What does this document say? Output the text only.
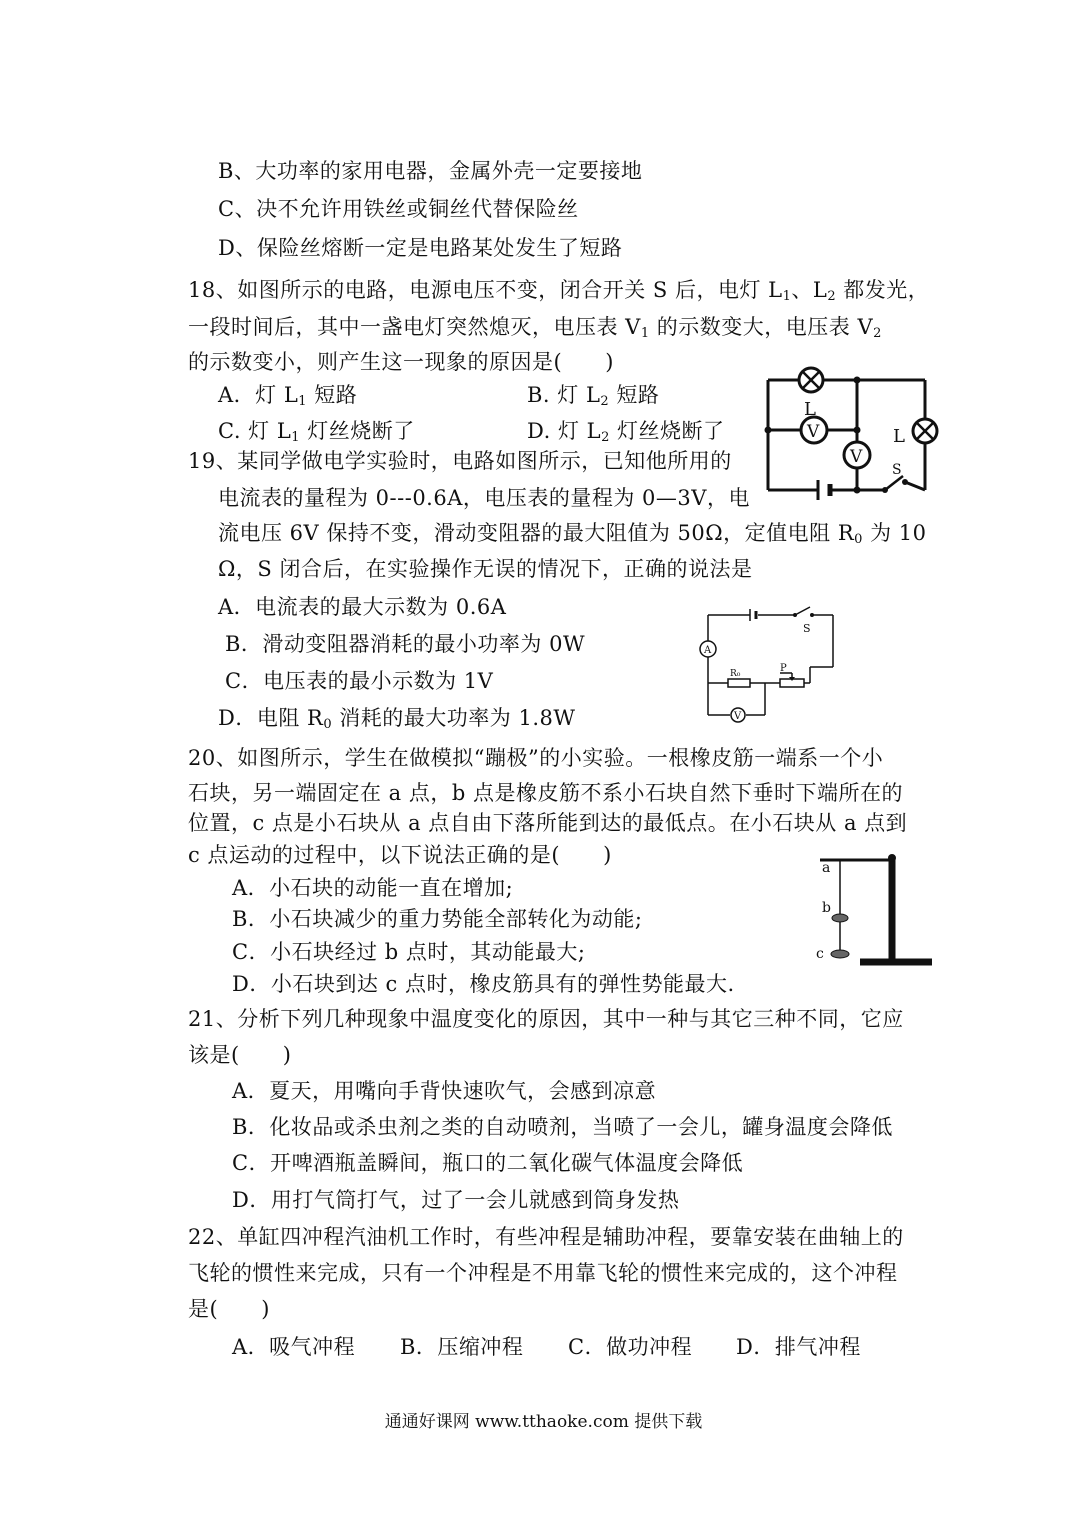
B、大功率的家用电器，金属外壳一定要接地
C、决不允许用铁丝或铜丝代替保险丝
D、保险丝熔断一定是电路某处发生了短路
18、如图所示的电路，电源电压不变，闭合开关 S 后，电灯 $L_1$、$L_2$ 都发光，
一段时间后，其中一盏电灯突然熄灭，电压表 $V_1$ 的示数变大，电压表 $V_2$
的示数变小，则产生这一现象的原因是(　　)
A．灯 $L_1$ 短路	B. 灯 $L_2$ 短路
C. 灯 $L_1$ 灯丝烧断了	D. 灯 $L_2$ 灯丝烧断了	V
V
L
L
S
19、某同学做电学实验时，电路如图所示，已知他所用的
电流表的量程为 0---0.6A，电压表的量程为 0—3V，电
流电压 6V 保持不变，滑动变阻器的最大阻值为 50Ω，定值电阻 $R_0$ 为 10
Ω，S 闭合后，在实验操作无误的情况下，正确的说法是
A．电流表的最大示数为 0.6A
B．滑动变阻器消耗的最小功率为 0W
C．电压表的最小示数为 1V
D．电阻 $R_0$ 消耗的最大功率为 1.8W
A
V
S
R₀	P
20、如图所示，学生在做模拟“蹦极”的小实验。一根橡皮筋一端系一个小
石块，另一端固定在 a 点，b 点是橡皮筋不系小石块自然下垂时下端所在的
位置，c 点是小石块从 a 点自由下落所能到达的最低点。在小石块从 a 点到
c 点运动的过程中，以下说法正确的是(　　)
A．小石块的动能一直在增加;
B．小石块减少的重力势能全部转化为动能;
C．小石块经过 b 点时，其动能最大;
D．小石块到达 c 点时，橡皮筋具有的弹性势能最大.
a
b
c
21、分析下列几种现象中温度变化的原因，其中一种与其它三种不同，它应
该是(　　)
A．夏天，用嘴向手背快速吹气，会感到凉意
B．化妆品或杀虫剂之类的自动喷剂，当喷了一会儿，罐身温度会降低
C．开啤酒瓶盖瞬间，瓶口的二氧化碳气体温度会降低
D．用打气筒打气，过了一会儿就感到筒身发热
22、单缸四冲程汽油机工作时，有些冲程是辅助冲程，要靠安装在曲轴上的
飞轮的惯性来完成，只有一个冲程是不用靠飞轮的惯性来完成的，这个冲程
是(　　)
A．吸气冲程 B．压缩冲程 C．做功冲程 D．排气冲程
通通好课网 www.tthaoke.com 提供下载
